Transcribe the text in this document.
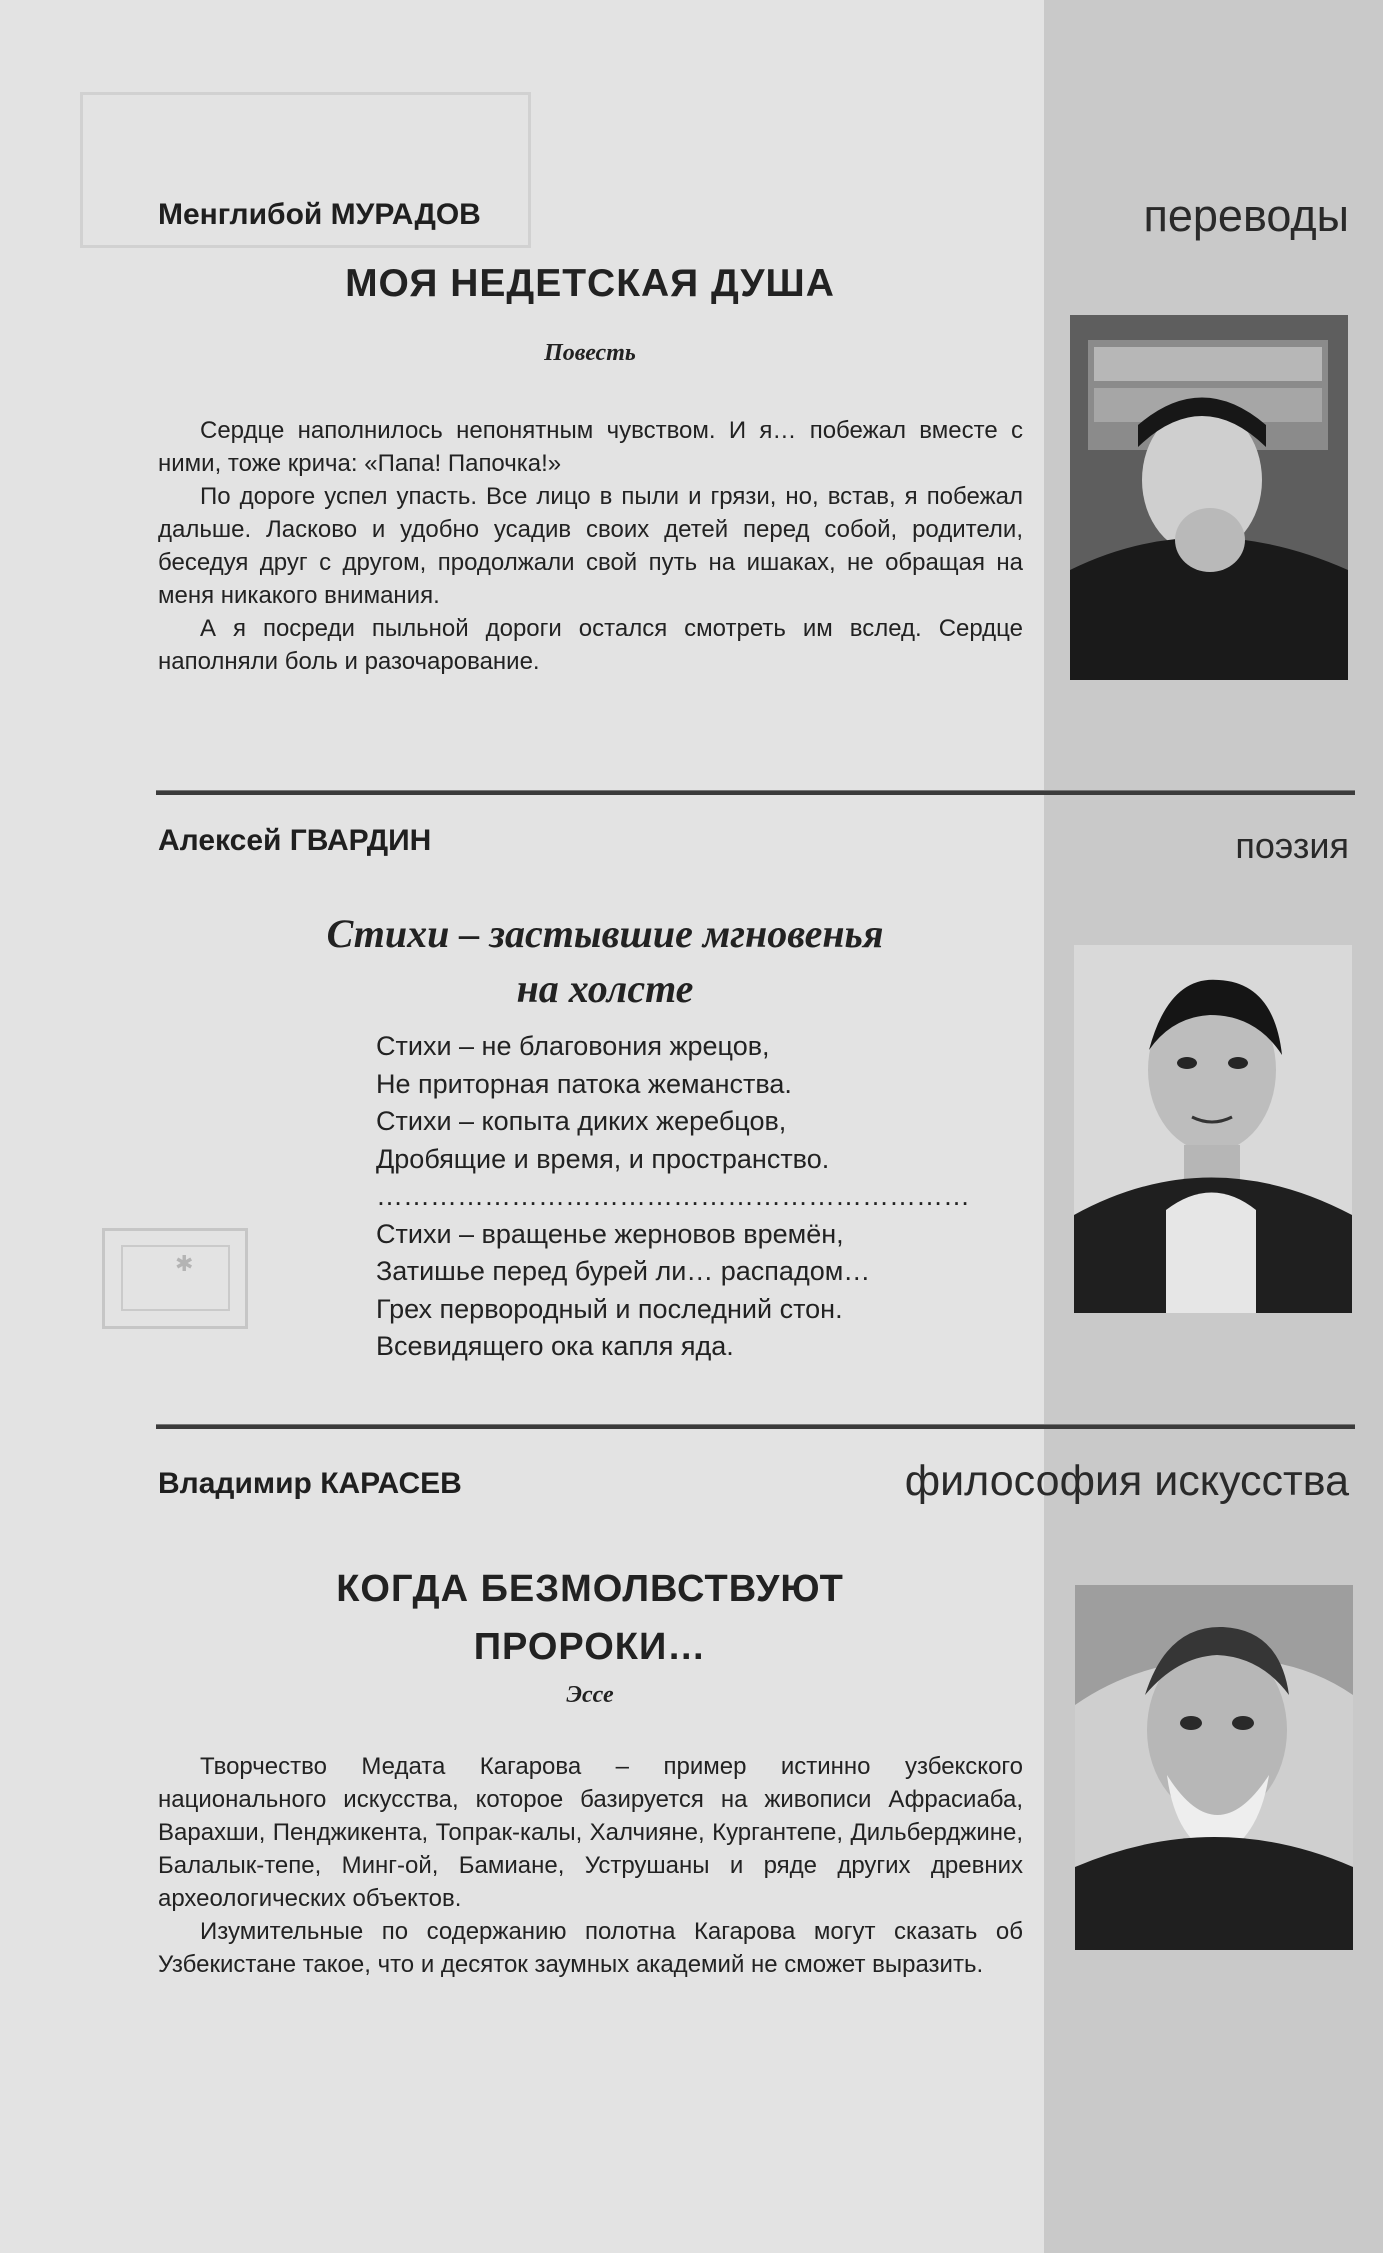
✱
Менглибой МУРАДОВ	переводы
МОЯ НЕДЕТСКАЯ ДУША
Повесть

Сердце наполнилось непонятным чувством. И я… побежал вместе с ними, тоже крича: «Папа! Папочка!»

По дороге успел упасть. Все лицо в пыли и грязи, но, встав, я побежал дальше. Ласково и удобно усадив своих детей перед собой, родители, беседуя друг с другом, продолжали свой путь на ишаках, не обращая на меня никакого внимания.

А я посреди пыльной дороги остался смотреть им вслед. Сердце наполняли боль и разочарование.

Алексей ГВАРДИН	поэзия
Стихи – застывшие мгновенья
на холсте
Стихи – не благовония жрецов,
Не приторная патока жеманства.
Стихи – копыта диких жеребцов,
Дробящие и время, и пространство.
…………………………………………………………
Стихи – вращенье жерновов времён,
Затишье перед бурей ли… распадом…
Грех первородный и последний стон.
Всевидящего ока капля яда.
Владимир КАРАСЕВ	философия искусства
КОГДА БЕЗМОЛВСТВУЮТ
ПРОРОКИ…
Эссе

Творчество Медата Кагарова – пример истинно узбекского национального искусства, которое базируется на живописи Афрасиаба, Варахши, Пенджикента, Топрак-калы, Халчияне, Кургантепе, Дильберджине, Балалык-тепе, Минг-ой, Бамиане, Уструшаны и ряде других древних археологических объектов.

Изумительные по содержанию полотна Кагарова могут сказать об Узбекистане такое, что и десяток заумных академий не сможет выразить.
